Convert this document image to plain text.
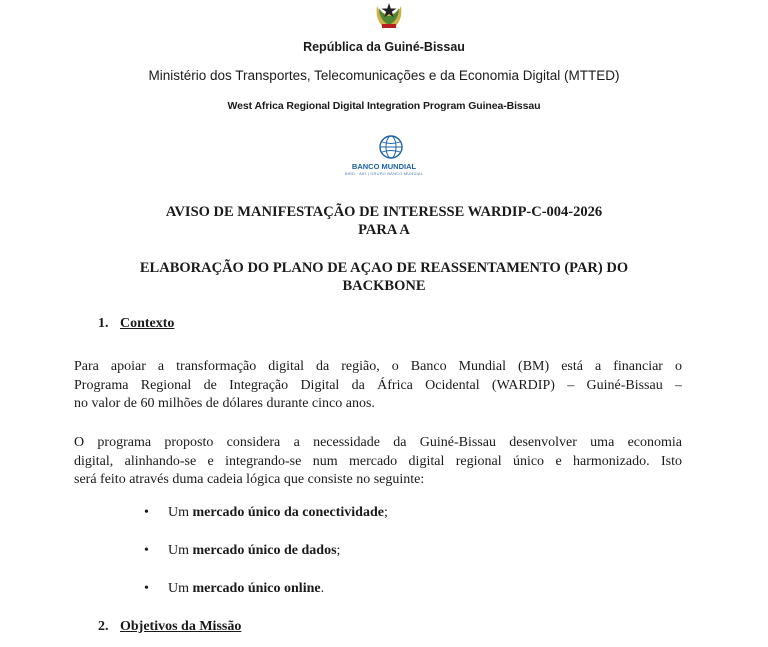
República da Guiné-Bissau
Ministério dos Transportes, Telecomunicações e da Economia Digital (MTTED)
West Africa Regional Digital Integration Program Guinea-Bissau
BANCO MUNDIAL
BIRD · AID | GRUPO BANCO MUNDIAL
AVISO DE MANIFESTAÇÃO DE INTERESSE WARDIP-C-004-2026
PARA A
ELABORAÇÃO DO PLANO DE AÇAO DE REASSENTAMENTO (PAR) DO
BACKBONE
1. Contexto
Para apoiar a transformação digital da região, o Banco Mundial (BM) está a financiar o
Programa Regional de Integração Digital da África Ocidental (WARDIP) – Guiné-Bissau –
no valor de 60 milhões de dólares durante cinco anos.
O programa proposto considera a necessidade da Guiné-Bissau desenvolver uma economia
digital, alinhando-se e integrando-se num mercado digital regional único e harmonizado. Isto
será feito através duma cadeia lógica que consiste no seguinte:
• Um mercado único da conectividade;
• Um mercado único de dados;
• Um mercado único online.
2. Objetivos da Missão
